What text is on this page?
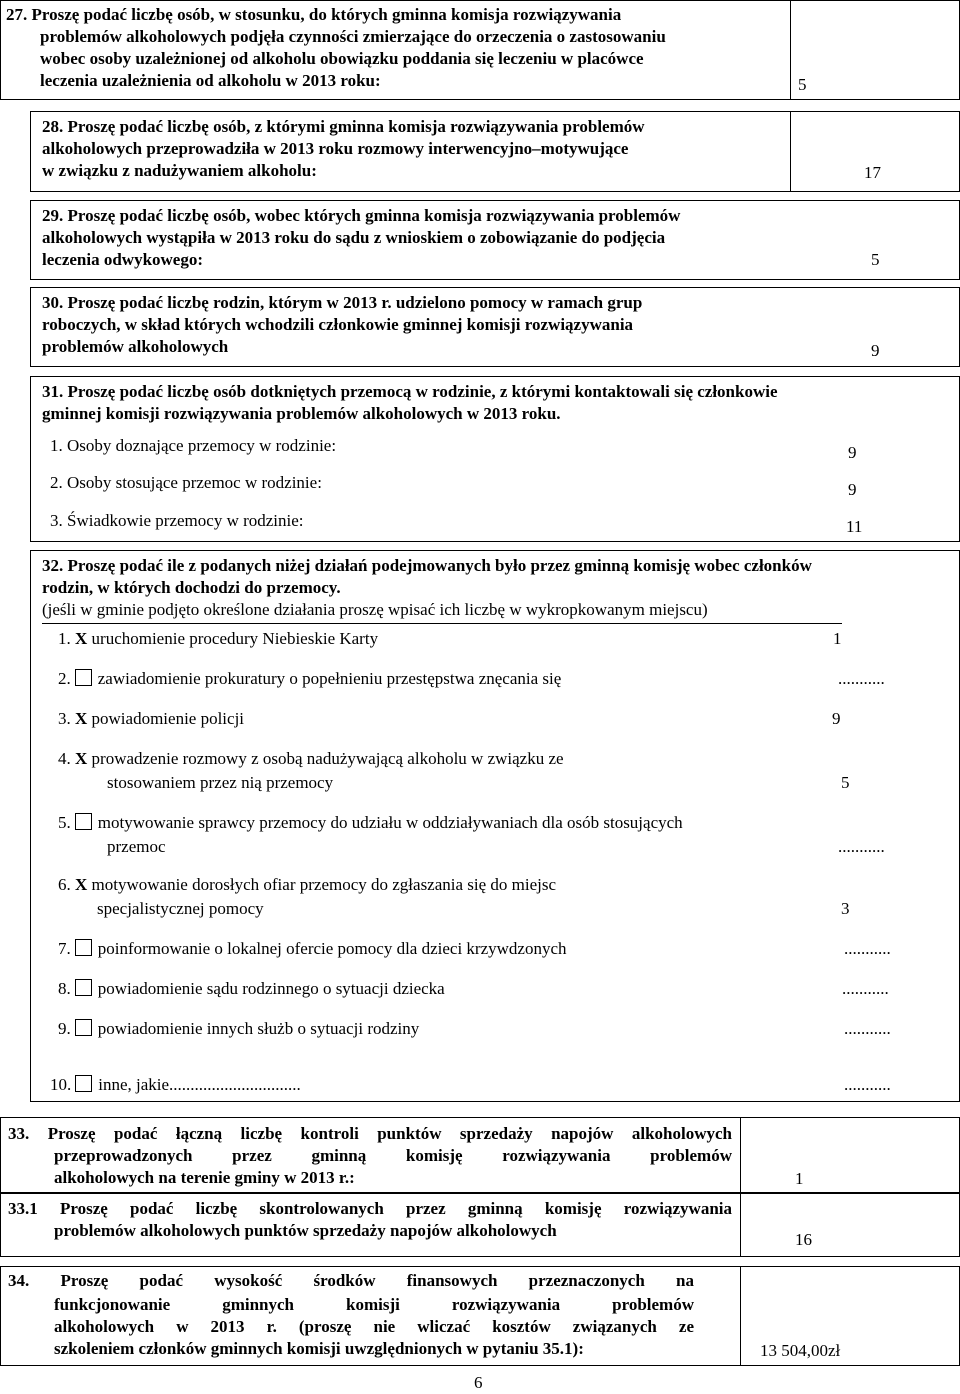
27. Proszę podać liczbę osób, w stosunku, do których gminna komisja rozwiązywania
problemów alkoholowych podjęła czynności zmierzające do orzeczenia o zastosowaniu
wobec osoby uzależnionej od alkoholu obowiązku poddania się leczeniu w placówce
leczenia uzależnienia od alkoholu w 2013 roku:	5
28. Proszę podać liczbę osób, z którymi gminna komisja rozwiązywania problemów
alkoholowych przeprowadziła w 2013 roku rozmowy interwencyjno–motywujące
w związku z nadużywaniem alkoholu:	17
29. Proszę podać liczbę osób, wobec których gminna komisja rozwiązywania problemów
alkoholowych wystąpiła w 2013 roku do sądu z wnioskiem o zobowiązanie do podjęcia
leczenia odwykowego:	5
30. Proszę podać liczbę rodzin, którym w 2013 r. udzielono pomocy w ramach grup
roboczych, w skład których wchodzili członkowie gminnej komisji rozwiązywania
problemów alkoholowych	9
31. Proszę podać liczbę osób dotkniętych przemocą w rodzinie, z którymi kontaktowali się członkowie
gminnej komisji rozwiązywania problemów alkoholowych w 2013 roku.
1. Osoby doznające przemocy w rodzinie:	9
2. Osoby stosujące przemoc w rodzinie:	9
3. Świadkowie przemocy w rodzinie:	11
32. Proszę podać ile z podanych niżej działań podejmowanych było przez gminną komisję wobec członków
rodzin, w których dochodzi do przemocy.
(jeśli w gminie podjęto określone działania proszę wpisać ich liczbę w wykropkowanym miejscu)
1. X uruchomienie procedury Niebieskie Karty	1
2. zawiadomienie prokuratury o popełnieniu przestępstwa znęcania się	...........
3. X powiadomienie policji	9
4. X prowadzenie rozmowy z osobą nadużywającą alkoholu w związku ze
stosowaniem przez nią przemocy	5
5. motywowanie sprawcy przemocy do udziału w oddziaływaniach dla osób stosujących
przemoc	...........
6. X motywowanie dorosłych ofiar przemocy do zgłaszania się do miejsc
specjalistycznej pomocy	3
7. poinformowanie o lokalnej ofercie pomocy dla dzieci krzywdzonych	...........
8. powiadomienie sądu rodzinnego o sytuacji dziecka	...........
9. powiadomienie innych służb o sytuacji rodziny	...........
10. inne, jakie...............................	...........
33. Proszę podać łączną liczbę kontroli punktów sprzedaży napojów alkoholowych
przeprowadzonych przez gminną komisję rozwiązywania problemów
alkoholowych na terenie gminy w 2013 r.:	1
33.1 Proszę podać liczbę skontrolowanych przez gminną komisję rozwiązywania
problemów alkoholowych punktów sprzedaży napojów alkoholowych	16
34. Proszę podać wysokość środków finansowych przeznaczonych na
funkcjonowanie gminnych komisji rozwiązywania problemów
alkoholowych w 2013 r. (proszę nie wliczać kosztów związanych ze
szkoleniem członków gminnych komisji uwzględnionych w pytaniu 35.1):	13 504,00zł
6
